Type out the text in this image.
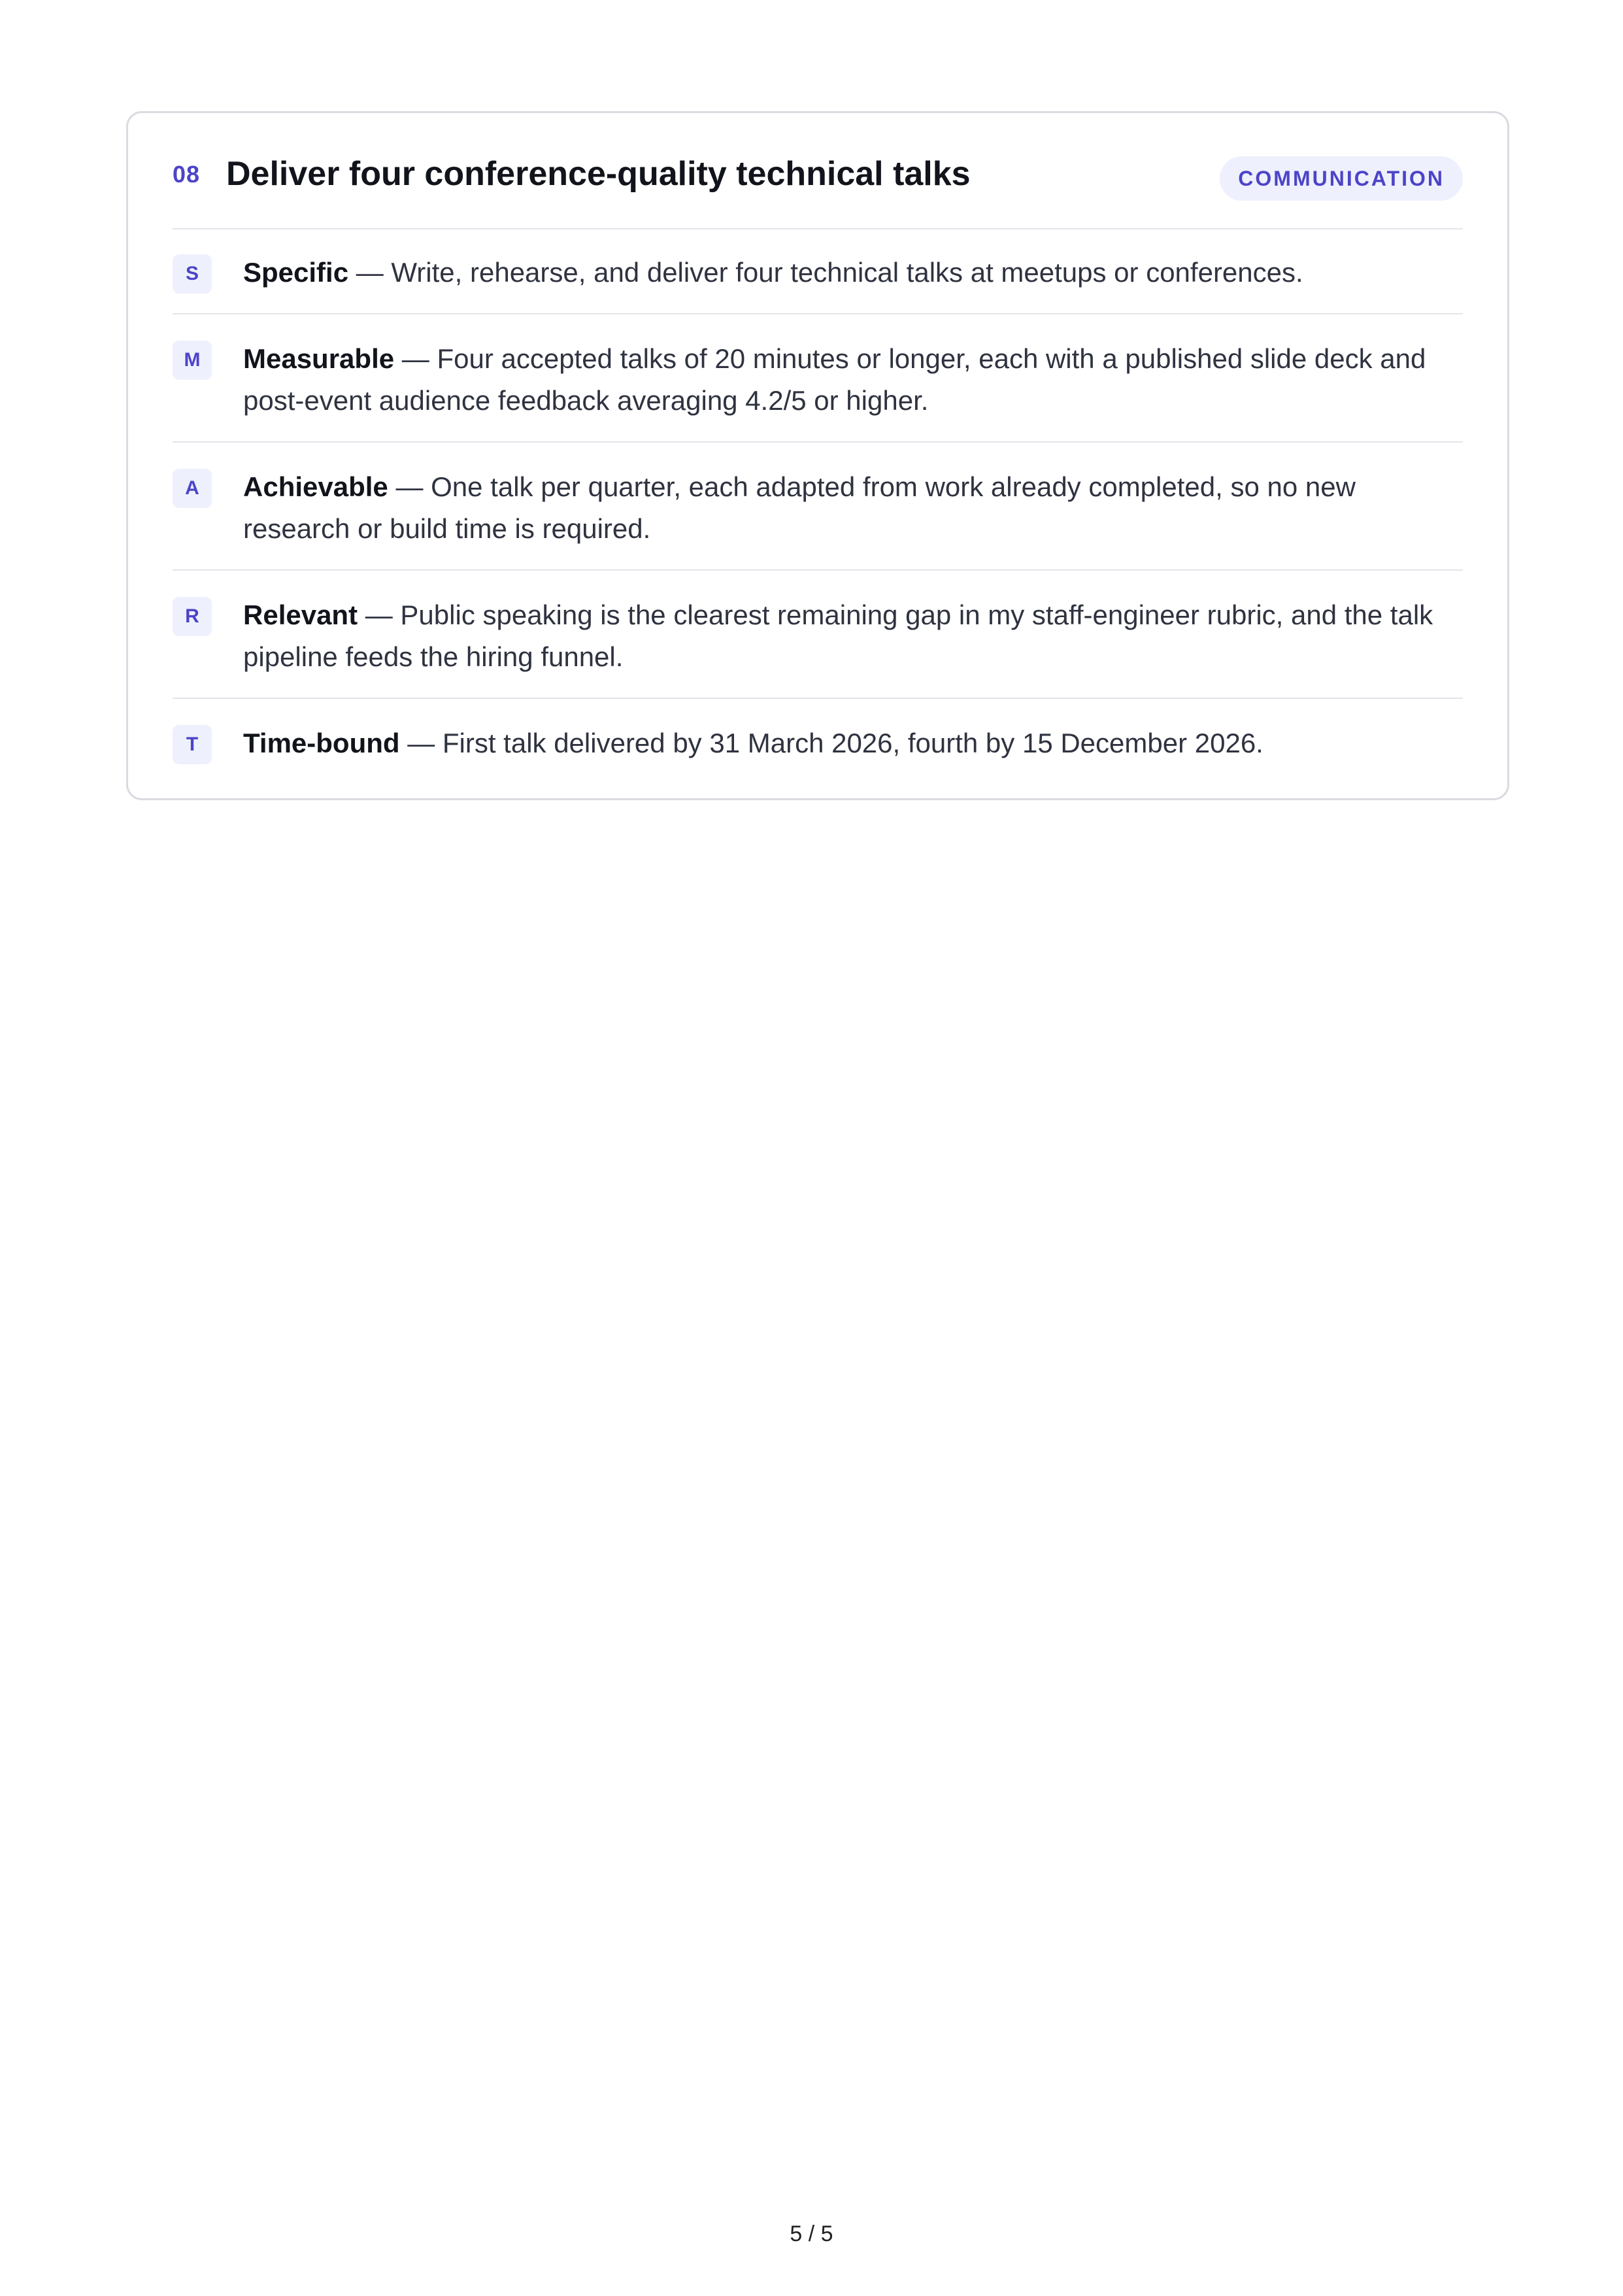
08 Deliver four conference-quality technical talks	COMMUNICATION
S	Specific — Write, rehearse, and deliver four technical talks at meetups or conferences.
M	Measurable — Four accepted talks of 20 minutes or longer, each with a published slide deck and post-event audience feedback averaging 4.2/5 or higher.
A	Achievable — One talk per quarter, each adapted from work already completed, so no new research or build time is required.
R	Relevant — Public speaking is the clearest remaining gap in my staff-engineer rubric, and the talk pipeline feeds the hiring funnel.
T	Time-bound — First talk delivered by 31 March 2026, fourth by 15 December 2026.
5 / 5
